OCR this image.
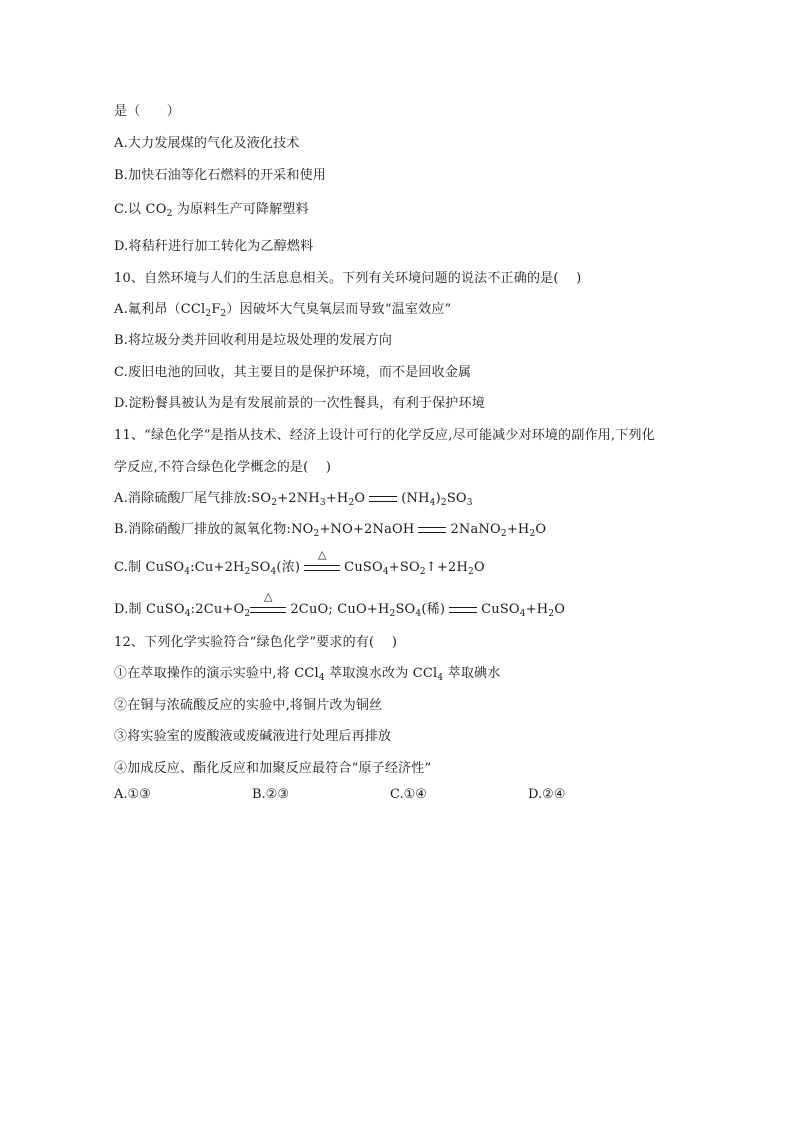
是（　　）
A.大力发展煤的气化及液化技术
B.加快石油等化石燃料的开采和使用
C.以 $CO_2$ 为原料生产可降解塑料
D.将秸秆进行加工转化为乙醇燃料
10、自然环境与人们的生活息息相关。下列有关环境问题的说法不正确的是(　 )
A.氟利昂$(CCl_2F_2)$因破坏大气臭氧层而导致“温室效应”
B.将垃圾分类并回收利用是垃圾处理的发展方向
C.废旧电池的回收，其主要目的是保护环境，而不是回收金属
D.淀粉餐具被认为是有发展前景的一次性餐具，有利于保护环境
11、“绿色化学”是指从技术、经济上设计可行的化学反应,尽可能减少对环境的副作用,下列化
学反应,不符合绿色化学概念的是(　 )
A.消除硫酸厂尾气排放$:SO_2+2NH_3+H_2O$	$(NH_4)_2SO_3$
B.消除硝酸厂排放的氮氧化物$:NO_2+NO+2NaOH$	$2NaNO_2+H_2O$
C.制 $CuSO_4:Cu+2H_2SO_4$(浓)
△
$CuSO_4+SO_2↑+2H_2O$
D.制 $CuSO_4:2Cu+O_2$
△
2CuO; $CuO+H_2SO_4$(稀)	$CuSO_4+H_2O$
12、下列化学实验符合“绿色化学”要求的有(　 )
①在萃取操作的演示实验中,将 CCl$_4$ 萃取溴水改为 CCl$_4$ 萃取碘水
②在铜与浓硫酸反应的实验中,将铜片改为铜丝
③将实验室的废酸液或废碱液进行处理后再排放
④加成反应、酯化反应和加聚反应最符合“原子经济性”
A.①③	B.②③	C.①④	D.②④
